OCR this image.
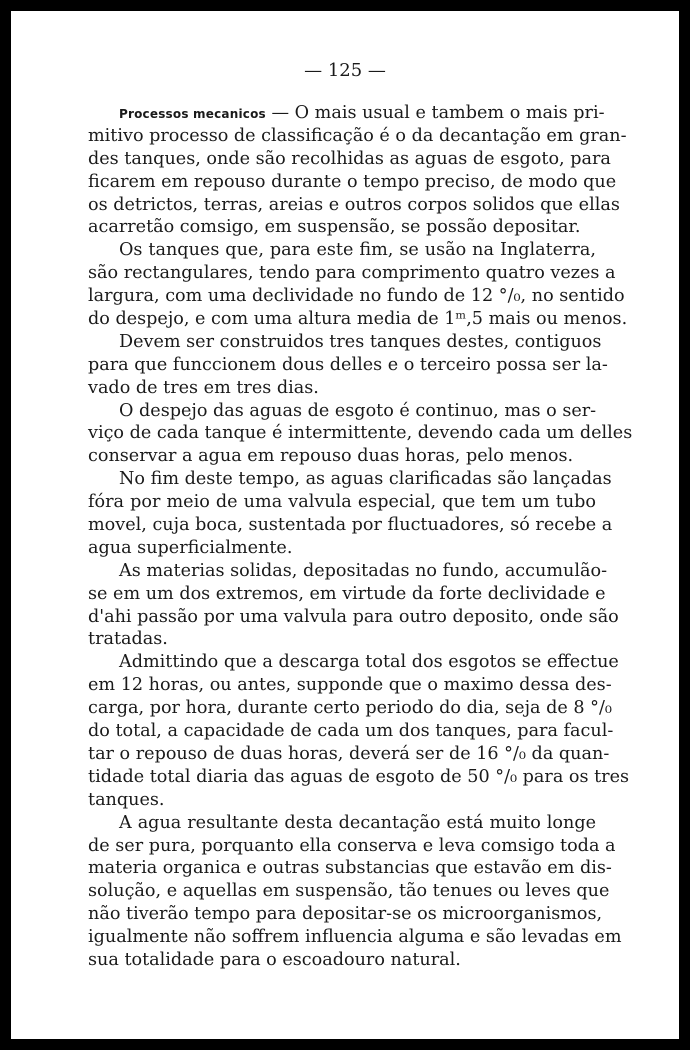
— 125 —
Processos mecanicos — O mais usual e tambem o mais pri-
mitivo processo de classificação é o da decantação em gran-
des tanques, onde são recolhidas as aguas de esgoto, para
ficarem em repouso durante o tempo preciso, de modo que
os detrictos, terras, areias e outros corpos solidos que ellas
acarretão comsigo, em suspensão, se possão depositar.
Os tanques que, para este fim, se usão na Inglaterra,
são rectangulares, tendo para comprimento quatro vezes a
largura, com uma declividade no fundo de 12 °/₀, no sentido
do despejo, e com uma altura media de 1ᵐ,5 mais ou menos.
Devem ser construidos tres tanques destes, contiguos
para que funccionem dous delles e o terceiro possa ser la-
vado de tres em tres dias.
O despejo das aguas de esgoto é continuo, mas o ser-
viço de cada tanque é intermittente, devendo cada um delles
conservar a agua em repouso duas horas, pelo menos.
No fim deste tempo, as aguas clarificadas são lançadas
fóra por meio de uma valvula especial, que tem um tubo
movel, cuja boca, sustentada por fluctuadores, só recebe a
agua superficialmente.
As materias solidas, depositadas no fundo, accumulão-
se em um dos extremos, em virtude da forte declividade e
d'ahi passão por uma valvula para outro deposito, onde são
tratadas.
Admittindo que a descarga total dos esgotos se effectue
em 12 horas, ou antes, supponde que o maximo dessa des-
carga, por hora, durante certo periodo do dia, seja de 8 °/₀
do total, a capacidade de cada um dos tanques, para facul-
tar o repouso de duas horas, deverá ser de 16 °/₀ da quan-
tidade total diaria das aguas de esgoto de 50 °/₀ para os tres
tanques.
A agua resultante desta decantação está muito longe
de ser pura, porquanto ella conserva e leva comsigo toda a
materia organica e outras substancias que estavão em dis-
solução, e aquellas em suspensão, tão tenues ou leves que
não tiverão tempo para depositar-se os microorganismos,
igualmente não soffrem influencia alguma e são levadas em
sua totalidade para o escoadouro natural.
